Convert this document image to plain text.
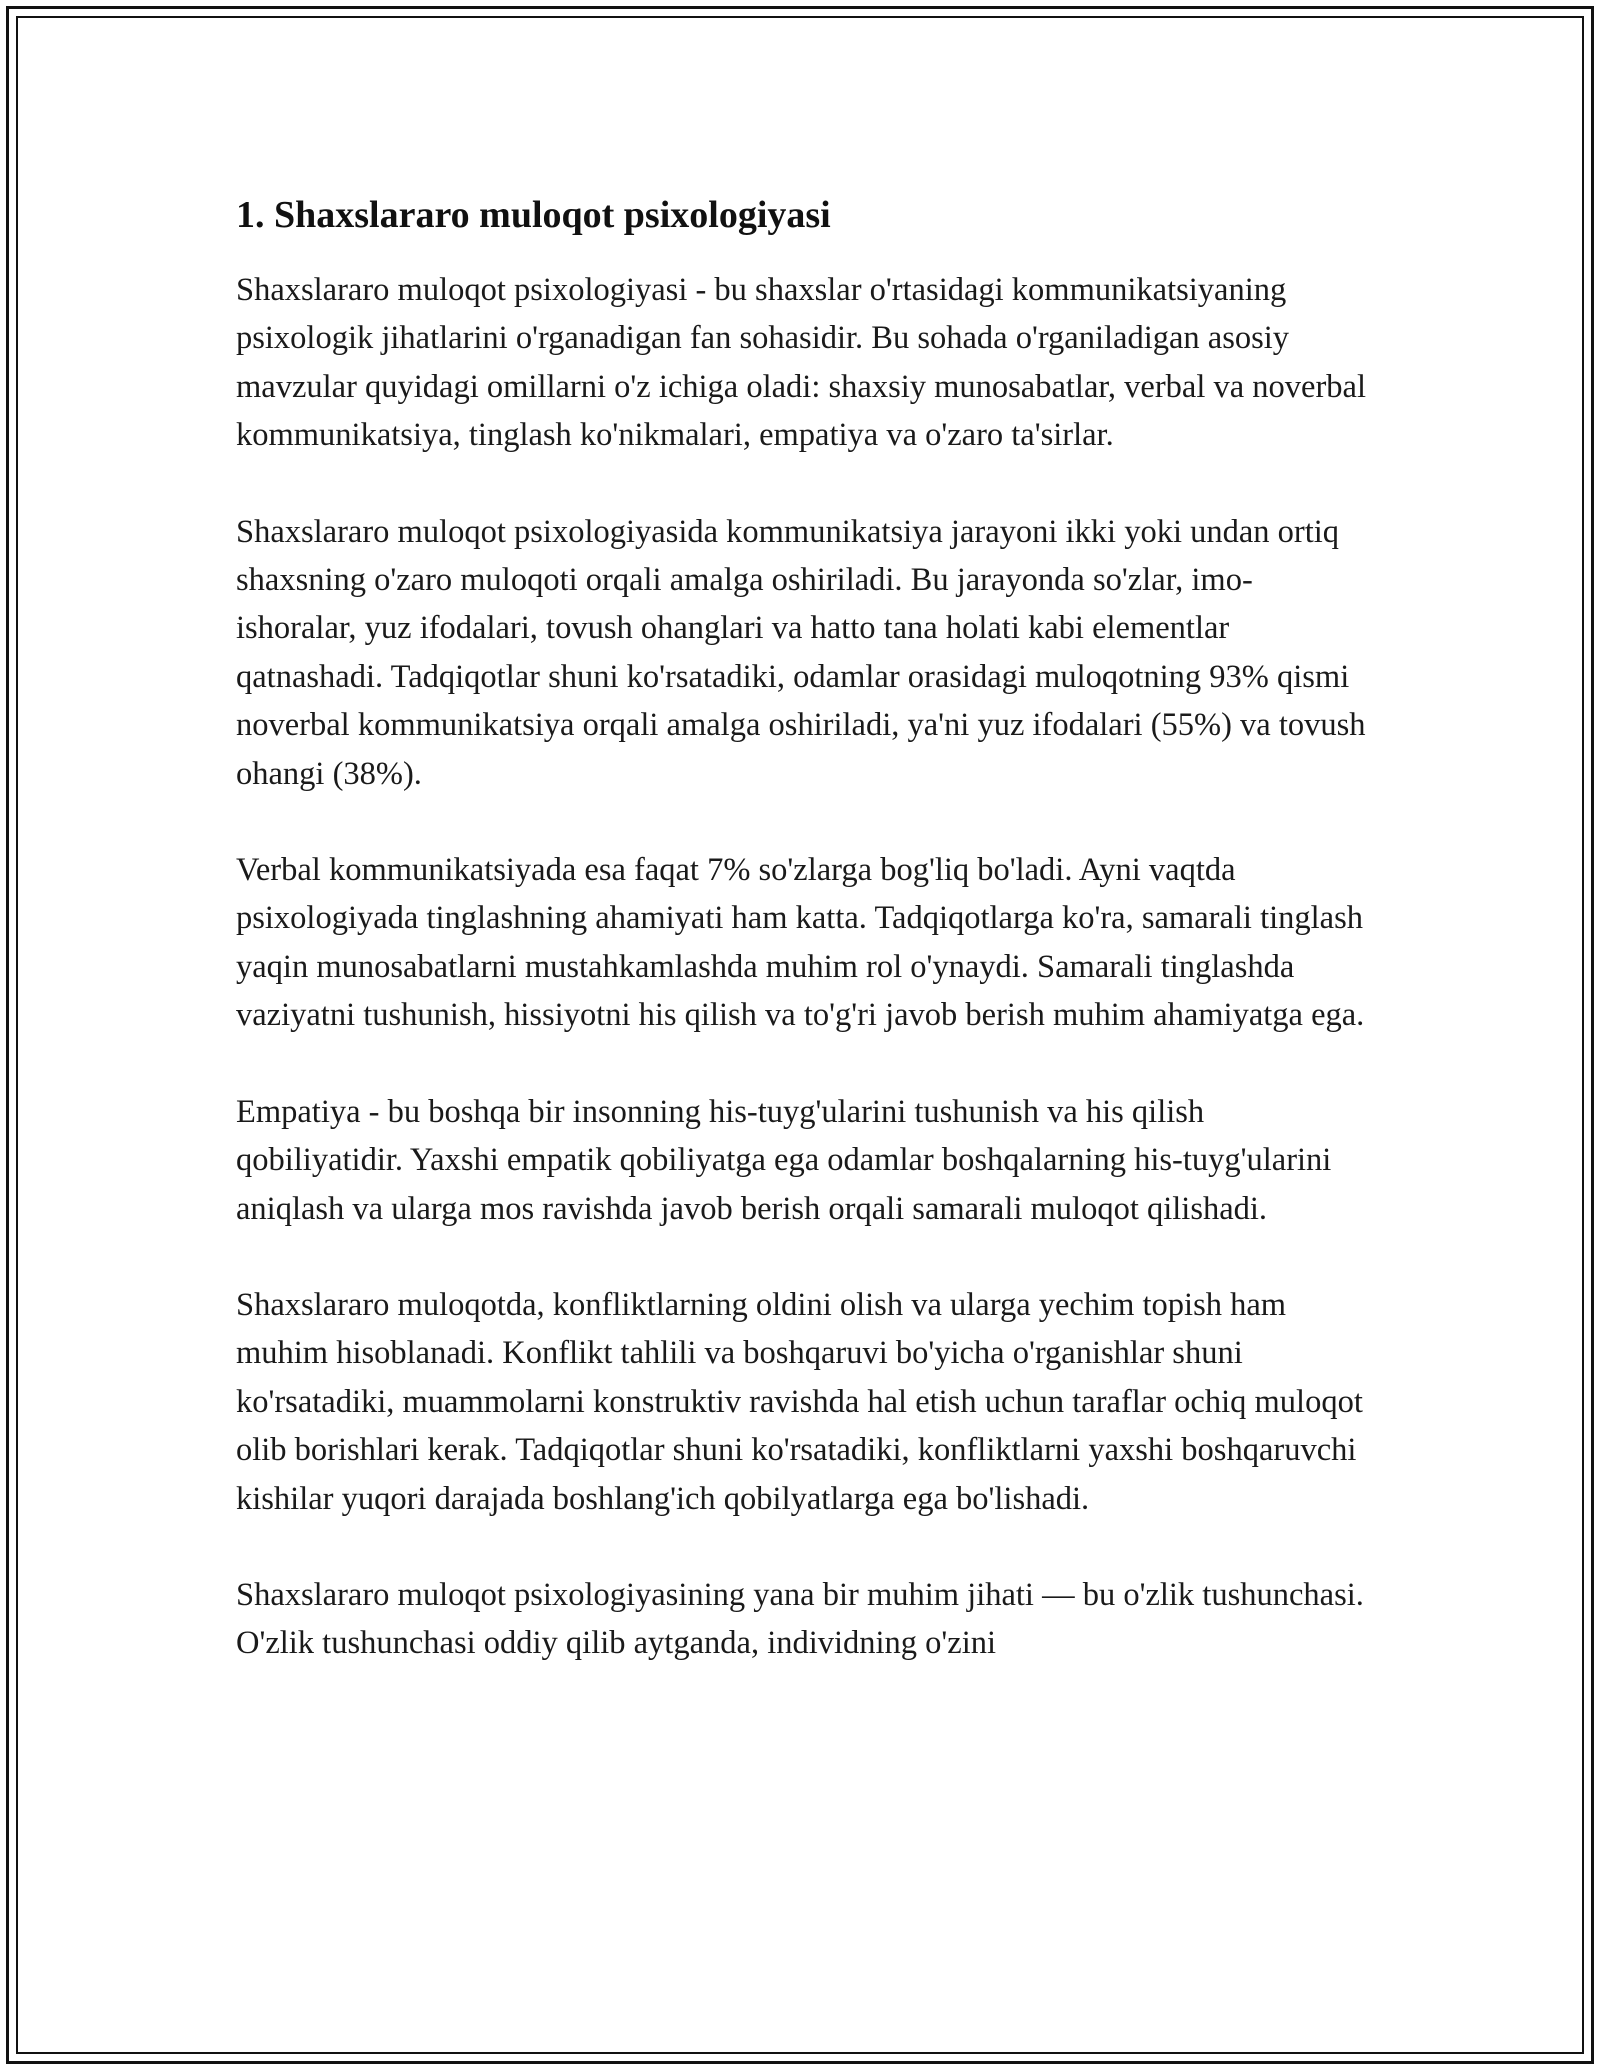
1. Shaxslararo muloqot psixologiyasi

Shaxslararo muloqot psixologiyasi - bu shaxslar o'rtasidagi kommunikatsiyaning psixologik jihatlarini o'rganadigan fan sohasidir. Bu sohada o'rganiladigan asosiy mavzular quyidagi omillarni o'z ichiga oladi: shaxsiy munosabatlar, verbal va noverbal kommunikatsiya, tinglash ko'nikmalari, empatiya va o'zaro ta'sirlar.

Shaxslararo muloqot psixologiyasida kommunikatsiya jarayoni ikki yoki undan ortiq shaxsning o'zaro muloqoti orqali amalga oshiriladi. Bu jarayonda so'zlar, imo-ishoralar, yuz ifodalari, tovush ohanglari va hatto tana holati kabi elementlar qatnashadi. Tadqiqotlar shuni ko'rsatadiki, odamlar orasidagi muloqotning 93% qismi noverbal kommunikatsiya orqali amalga oshiriladi, ya'ni yuz ifodalari (55%) va tovush ohangi (38%).

Verbal kommunikatsiyada esa faqat 7% so'zlarga bog'liq bo'ladi. Ayni vaqtda psixologiyada tinglashning ahamiyati ham katta. Tadqiqotlarga ko'ra, samarali tinglash yaqin munosabatlarni mustahkamlashda muhim rol o'ynaydi. Samarali tinglashda vaziyatni tushunish, hissiyotni his qilish va to'g'ri javob berish muhim ahamiyatga ega.

Empatiya - bu boshqa bir insonning his-tuyg'ularini tushunish va his qilish qobiliyatidir. Yaxshi empatik qobiliyatga ega odamlar boshqalarning his-tuyg'ularini aniqlash va ularga mos ravishda javob berish orqali samarali muloqot qilishadi.

Shaxslararo muloqotda, konfliktlarning oldini olish va ularga yechim topish ham muhim hisoblanadi. Konflikt tahlili va boshqaruvi bo'yicha o'rganishlar shuni ko'rsatadiki, muammolarni konstruktiv ravishda hal etish uchun taraflar ochiq muloqot olib borishlari kerak. Tadqiqotlar shuni ko'rsatadiki, konfliktlarni yaxshi boshqaruvchi kishilar yuqori darajada boshlang'ich qobilyatlarga ega bo'lishadi.

Shaxslararo muloqot psixologiyasining yana bir muhim jihati — bu o'zlik tushunchasi. O'zlik tushunchasi oddiy qilib aytganda, individning o'zini
